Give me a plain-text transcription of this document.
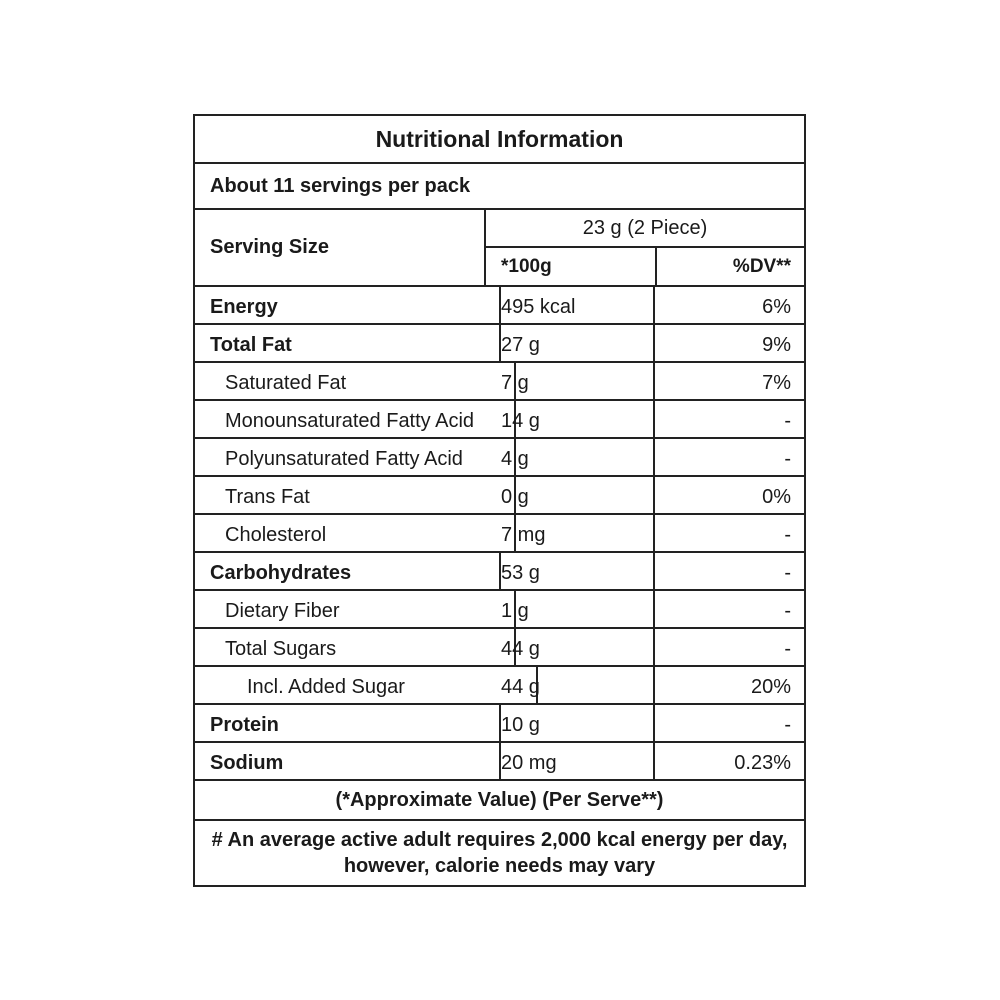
Nutritional Information
About 11 servings per pack
Serving Size
23 g (2 Piece)
*100g	%DV**
Energy	495 kcal	6%
Total Fat	27 g	9%
Saturated Fat	7 g	7%
Monounsaturated Fatty Acid 14 g	-
Polyunsaturated Fatty Acid 4 g	-
Trans Fat	0 g	0%
Cholesterol	7 mg	-
Carbohydrates	53 g	-
Dietary Fiber	1 g	-
Total Sugars	44 g	-
Incl. Added Sugar	44 g	20%
Protein	10 g	-
Sodium	20 mg	0.23%
(*Approximate Value) (Per Serve**)
# An average active adult requires 2,000 kcal energy per day,
however, calorie needs may vary
